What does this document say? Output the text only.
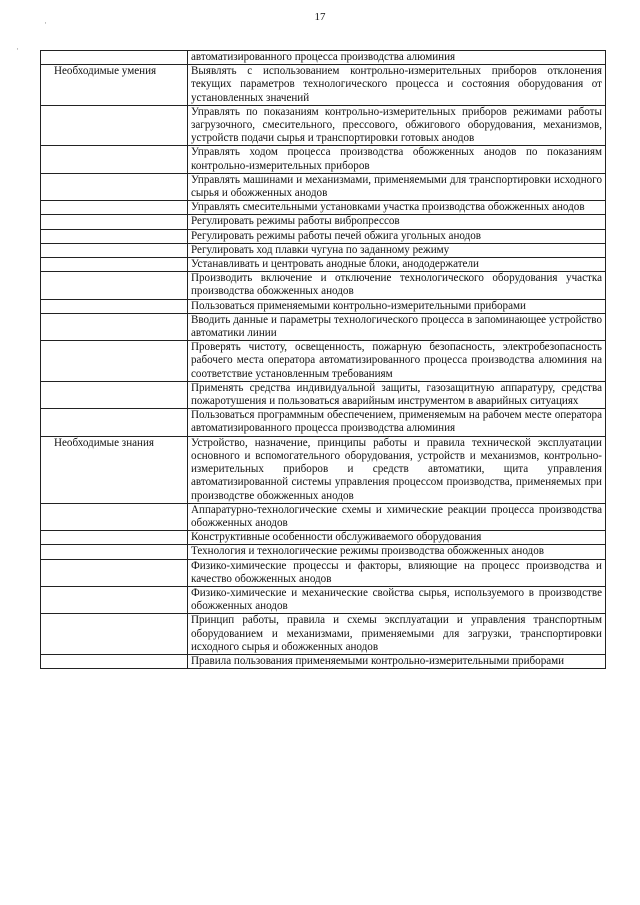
17
·
·
	автоматизированного процесса производства алюминия

Необходимые умения	Выявлять с использованием контрольно-измерительных приборов отклонения текущих параметров технологического процесса и состояния оборудования от установленных значений

	Управлять по показаниям контрольно-измерительных приборов режимами работы загрузочного, смесительного, прессового, обжигового оборудования, механизмов, устройств подачи сырья и транспортировки готовых анодов

	Управлять ходом процесса производства обожженных анодов по показаниям контрольно-измерительных приборов

	Управлять машинами и механизмами, применяемыми для транспортировки исходного сырья и обожженных анодов

	Управлять смесительными установками участка производства обожженных анодов

	Регулировать режимы работы вибропрессов

	Регулировать режимы работы печей обжига угольных анодов

	Регулировать ход плавки чугуна по заданному режиму

	Устанавливать и центровать анодные блоки, анододержатели

	Производить включение и отключение технологического оборудования участка производства обожженных анодов

	Пользоваться применяемыми контрольно-измерительными приборами

	Вводить данные и параметры технологического процесса в запоминающее устройство автоматики линии

	Проверять чистоту, освещенность, пожарную безопасность, электробезопасность рабочего места оператора автоматизированного процесса производства алюминия на соответствие установленным требованиям

	Применять средства индивидуальной защиты, газозащитную аппаратуру, средства пожаротушения и пользоваться аварийным инструментом в аварийных ситуациях

	Пользоваться программным обеспечением, применяемым на рабочем месте оператора автоматизированного процесса производства алюминия

Необходимые знания	Устройство, назначение, принципы работы и правила технической эксплуатации основного и вспомогательного оборудования, устройств и механизмов, контрольно-измерительных приборов и средств автоматики, щита управления автоматизированной системы управления процессом производства, применяемых при производстве обожженных анодов

	Аппаратурно-технологические схемы и химические реакции процесса производства обожженных анодов

	Конструктивные особенности обслуживаемого оборудования

	Технология и технологические режимы производства обожженных анодов

	Физико-химические процессы и факторы, влияющие на процесс производства и качество обожженных анодов

	Физико-химические и механические свойства сырья, используемого в производстве обожженных анодов

	Принцип работы, правила и схемы эксплуатации и управления транспортным оборудованием и механизмами, применяемыми для загрузки, транспортировки исходного сырья и обожженных анодов

	Правила пользования применяемыми контрольно-измерительными приборами
